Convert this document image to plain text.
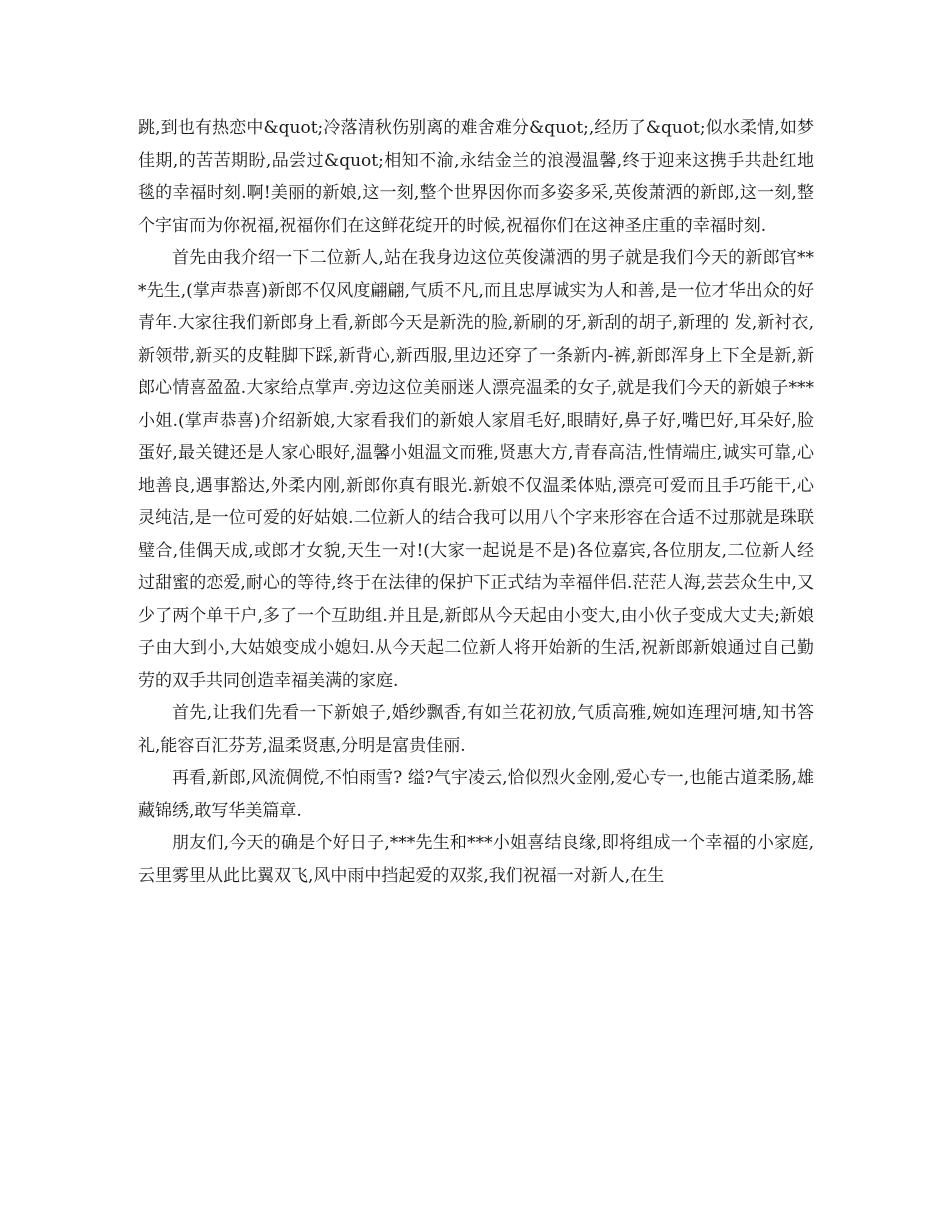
跳,到也有热恋中&quot;冷落清秋伤别离的难舍难分&quot;,经历了&quot;似水柔情,如梦佳期,的苦苦期盼,品尝过&quot;相知不渝,永结金兰的浪漫温馨,终于迎来这携手共赴红地毯的幸福时刻.啊!美丽的新娘,这一刻,整个世界因你而多姿多采,英俊萧洒的新郎,这一刻,整个宇宙而为你祝福,祝福你们在这鲜花绽开的时候,祝福你们在这神圣庄重的幸福时刻.

首先由我介绍一下二位新人,站在我身边这位英俊潇洒的男子就是我们今天的新郎官***先生,(掌声恭喜)新郎不仅风度翩翩,气质不凡,而且忠厚诚实为人和善,是一位才华出众的好青年.大家往我们新郎身上看,新郎今天是新洗的脸,新刷的牙,新刮的胡子,新理的 发,新衬衣,新领带,新买的皮鞋脚下踩,新背心,新西服,里边还穿了一条新内-裤,新郎浑身上下全是新,新郎心情喜盈盈.大家给点掌声.旁边这位美丽迷人漂亮温柔的女子,就是我们今天的新娘子***小姐.(掌声恭喜)介绍新娘,大家看我们的新娘人家眉毛好,眼睛好,鼻子好,嘴巴好,耳朵好,脸蛋好,最关键还是人家心眼好,温馨小姐温文而雅,贤惠大方,青春高洁,性情端庄,诚实可靠,心地善良,遇事豁达,外柔内刚,新郎你真有眼光.新娘不仅温柔体贴,漂亮可爱而且手巧能干,心灵纯洁,是一位可爱的好姑娘.二位新人的结合我可以用八个字来形容在合适不过那就是珠联璧合,佳偶天成,或郎才女貌,天生一对!(大家一起说是不是)各位嘉宾,各位朋友,二位新人经过甜蜜的恋爱,耐心的等待,终于在法律的保护下正式结为幸福伴侣.茫茫人海,芸芸众生中,又少了两个单干户,多了一个互助组.并且是,新郎从今天起由小变大,由小伙子变成大丈夫;新娘子由大到小,大姑娘变成小媳妇.从今天起二位新人将开始新的生活,祝新郎新娘通过自己勤劳的双手共同创造幸福美满的家庭.

首先,让我们先看一下新娘子,婚纱飘香,有如兰花初放,气质高雅,婉如连理河塘,知书答礼,能容百汇芬芳,温柔贤惠,分明是富贵佳丽.

再看,新郎,风流倜傥,不怕雨雪? 缢?气宇凌云,恰似烈火金刚,爱心专一,也能古道柔肠,雄藏锦绣,敢写华美篇章.

朋友们,今天的确是个好日子,***先生和***小姐喜结良缘,即将组成一个幸福的小家庭,云里雾里从此比翼双飞,风中雨中挡起爱的双浆,我们祝福一对新人,在生
